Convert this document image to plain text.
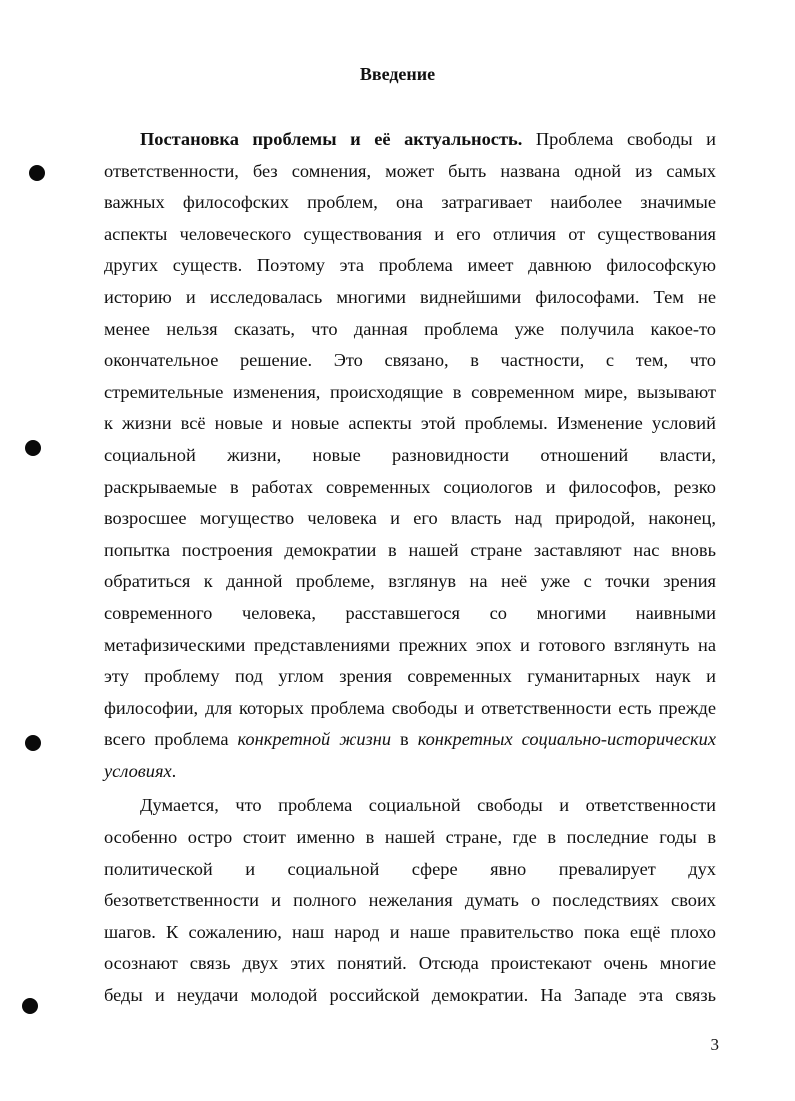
Введение
Постановка проблемы и её актуальность. Проблема свободы и
ответственности, без сомнения, может быть названа одной из самых
важных философских проблем, она затрагивает наиболее значимые
аспекты человеческого существования и его отличия от существования
других существ. Поэтому эта проблема имеет давнюю философскую
историю и исследовалась многими виднейшими философами. Тем не
менее нельзя сказать, что данная проблема уже получила какое-то
окончательное решение. Это связано, в частности, с тем, что
стремительные изменения, происходящие в современном мире, вызывают
к жизни всё новые и новые аспекты этой проблемы. Изменение условий
социальной жизни, новые разновидности отношений власти,
раскрываемые в работах современных социологов и философов, резко
возросшее могущество человека и его власть над природой, наконец,
попытка построения демократии в нашей стране заставляют нас вновь
обратиться к данной проблеме, взглянув на неё уже с точки зрения
современного человека, расставшегося со многими наивными
метафизическими представлениями прежних эпох и готового взглянуть на
эту проблему под углом зрения современных гуманитарных наук и
философии, для которых проблема свободы и ответственности есть прежде
всего проблема конкретной жизни в конкретных социально-исторических
условиях.
Думается, что проблема социальной свободы и ответственности
особенно остро стоит именно в нашей стране, где в последние годы в
политической и социальной сфере явно превалирует дух
безответственности и полного нежелания думать о последствиях своих
шагов. К сожалению, наш народ и наше правительство пока ещё плохо
осознают связь двух этих понятий. Отсюда проистекают очень многие
беды и неудачи молодой российской демократии. На Западе эта связь
3
